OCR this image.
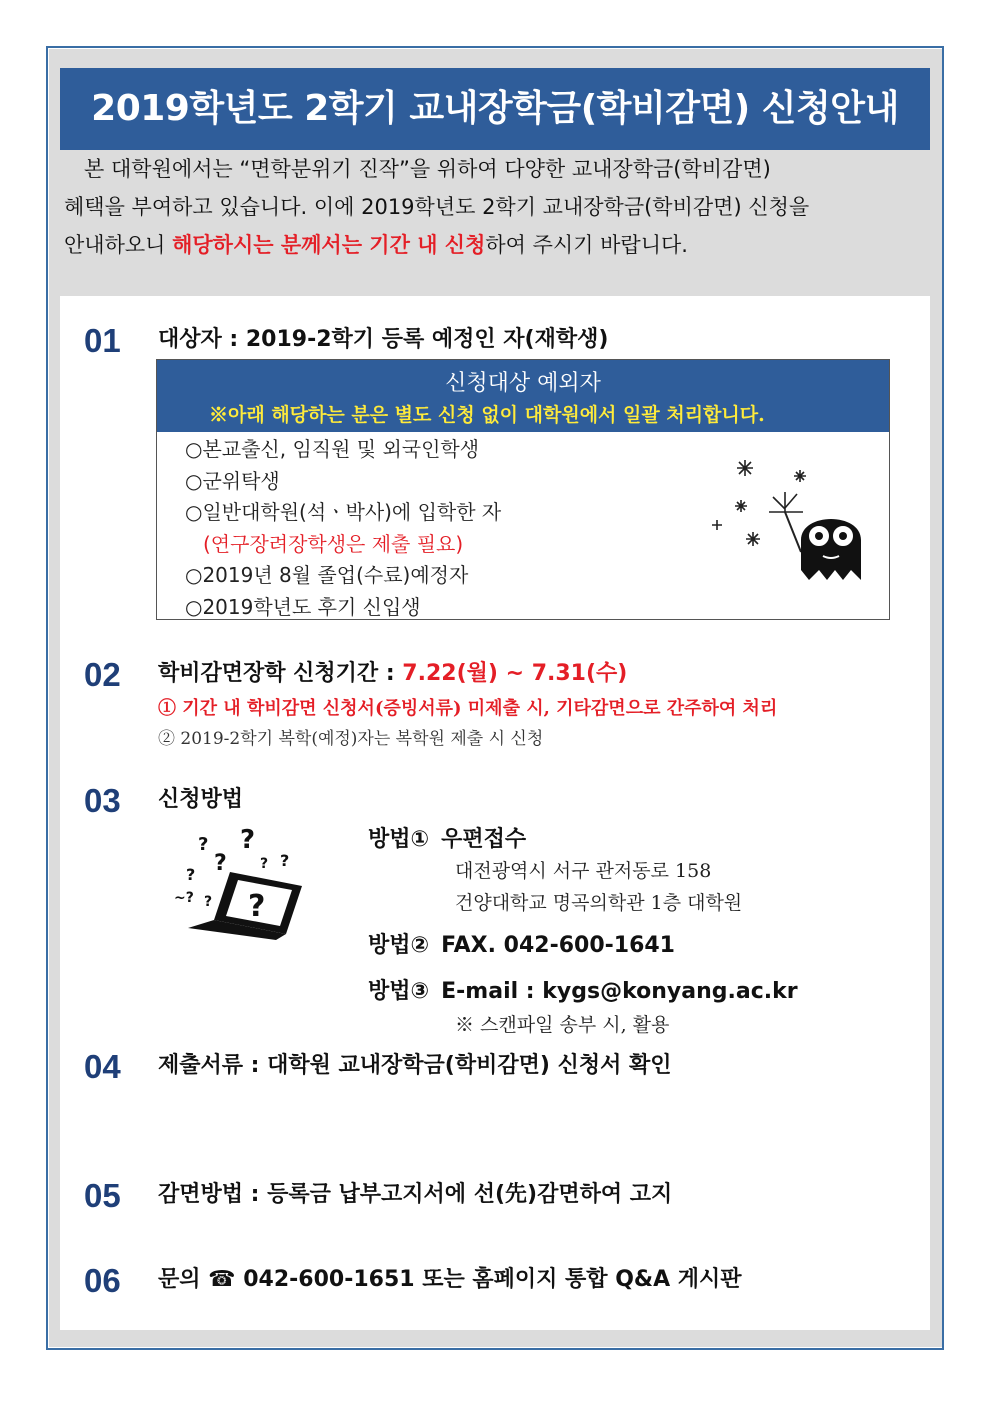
2019학년도 2학기 교내장학금(학비감면) 신청안내

본 대학원에서는 “면학분위기 진작”을 위하여 다양한 교내장학금(학비감면)

혜택을 부여하고 있습니다. 이에 2019학년도 2학기 교내장학금(학비감면) 신청을

안내하오니 해당하시는 분께서는 기간 내 신청하여 주시기 바랍니다.

01 대상자 : 2019-2학기 등록 예정인 자(재학생)
신청대상 예외자
※아래 해당하는 분은 별도 신청 없이 대학원에서 일괄 처리합니다.
○본교출신, 임직원 및 외국인학생
○군위탁생
○일반대학원(석ㆍ박사)에 입학한 자
(연구장려장학생은 제출 필요)
○2019년 8월 졸업(수료)예정자
○2019학년도 후기 신입생
02 학비감면장학 신청기간 : 7.22(월) ~ 7.31(수)
① 기간 내 학비감면 신청서(증빙서류) 미제출 시, 기타감면으로 간주하여 처리
② 2019-2학기 복학(예정)자는 복학원 제출 시 신청
03 신청방법
? ?
?
?
? ?
~? ? ?
방법① 우편접수
대전광역시 서구 관저동로 158
건양대학교 명곡의학관 1층 대학원
방법② FAX. 042-600-1641
방법③ E-mail : kygs@konyang.ac.kr
※ 스캔파일 송부 시, 활용
04 제출서류 : 대학원 교내장학금(학비감면) 신청서 확인
05 감면방법 : 등록금 납부고지서에 선(先)감면하여 고지
06 문의 ☎ 042-600-1651 또는 홈페이지 통합 Q&A 게시판
